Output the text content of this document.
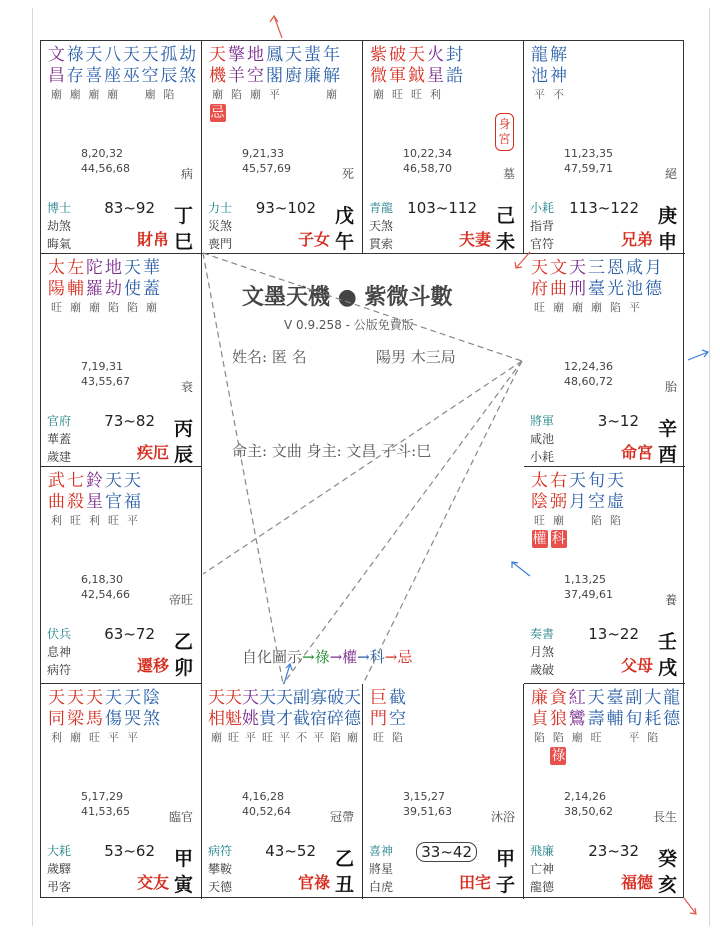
文墨天機 ● 紫微斗數
V 0.9.258 - 公版免費版
姓名: 匿 名	陽男 木三局
命主: 文曲 身主: 文昌 子斗:巳
自化圖示→祿→權→科→忌
文
昌
廟
祿
存
廟
天
喜
廟
八
座
廟
天
巫
天
空
廟
孤
辰
陷
劫
煞
8,20,32
44,56,68	病
博士
劫煞
晦氣
83~92
財帛
丁
巳
天
機
廟
忌
擎
羊
陷
地
空
廟
鳳
閣
平
天
廚
蜚
廉
年
解
廟
9,21,33
45,57,69	死
力士
災煞
喪門
93~102
子女
戊
午
紫
微
廟
破
軍
旺
天
鉞
旺
火
星
利
封
誥
身宮
10,22,34
46,58,70	墓
青龍
天煞
貫索
103~112
夫妻
己
未
龍
池
平
解
神
不
11,23,35
47,59,71	絕
小耗
指背
官符
113~122
兄弟
庚
申
太
陽
旺
左
輔
廟
陀
羅
廟
地
劫
陷
天
使
陷
華
蓋
廟
7,19,31
43,55,67	衰
官府
華蓋
歲建
73~82
疾厄
丙
辰
天
府
旺
文
曲
廟
天
刑
廟
三
臺
廟
恩
光
陷
咸
池
平
月
德
12,24,36
48,60,72	胎
將軍
咸池
小耗
3~12
命宮
辛
酉
武
曲
利
七
殺
旺
鈴
星
利
天
官
旺
天
福
平
6,18,30
42,54,66	帝旺
伏兵
息神
病符
63~72
遷移
乙
卯
太
陰
旺
權
右
弼
廟
科
天
月
旬
空
陷
天
虛
陷
1,13,25
37,49,61	養
奏書
月煞
歲破
13~22
父母
壬
戌
天
同
利
天
梁
廟
天
馬
旺
天
傷
平
天
哭
平
陰
煞
5,17,29
41,53,65	臨官
大耗
歲驛
弔客
53~62
交友
甲
寅
天
相
廟
天
魁
旺
天
姚
平
天
貴
旺
天
才
平
副
截
不
寡
宿
平
破
碎
陷
天
德
廟
4,16,28
40,52,64	冠帶
病符
攀鞍
天德
43~52
官祿
乙
丑
巨
門
旺
截
空
陷
3,15,27
39,51,63	沐浴
喜神
將星
白虎
33~42
田宅
甲
子
廉
貞
陷
貪
狼
陷
祿
紅
鸞
廟
天
壽
旺
臺
輔
副
旬
平
大
耗
陷
龍
德
2,14,26
38,50,62	長生
飛廉
亡神
龍德
23~32
福德
癸
亥
